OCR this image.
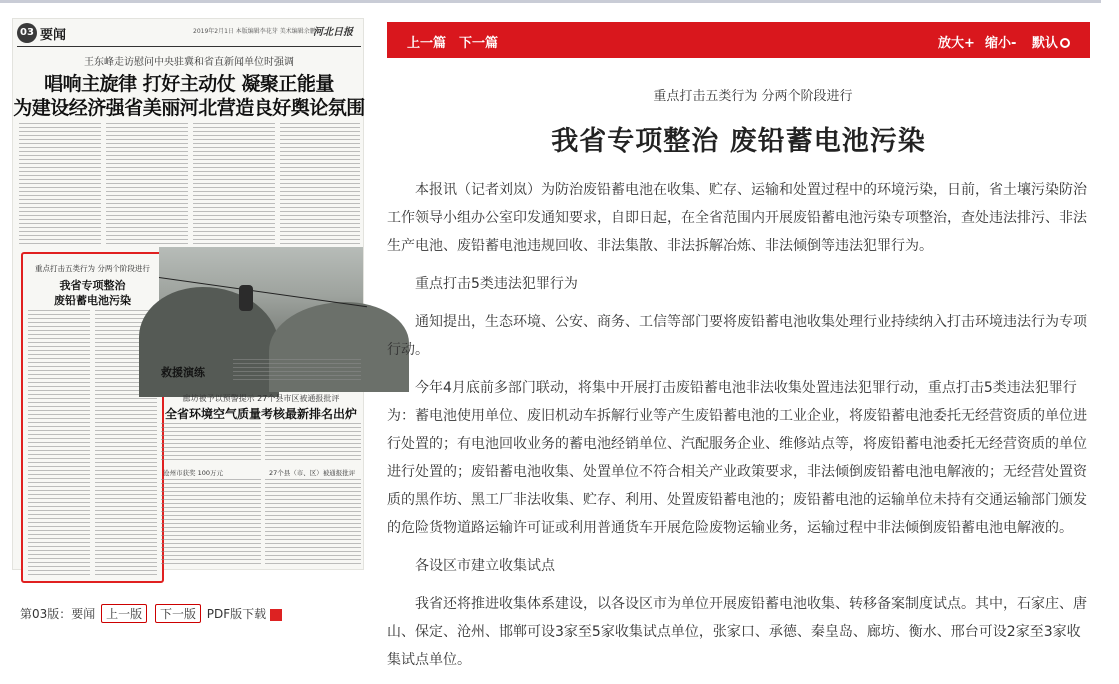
03 要闻	2019年2月1日 本版编辑李花芽 美术编辑余鹏
河北日报
王东峰走访慰问中央驻冀和省直新闻单位时强调
唱响主旋律 打好主动仗 凝聚正能量
为建设经济强省美丽河北营造良好舆论氛围
重点打击五类行为 分两个阶段进行
我省专项整治
废铅蓄电池污染
救援演练
廊坊被予以预警提示 27个县市区被通报批评
全省环境空气质量考核最新排名出炉
沧州市获奖 100万元	27个县（市、区）被通报批评
第03版：要闻 上一版 下一版 PDF版下载
上一篇 下一篇	放大+ 缩小- 默认
重点打击五类行为 分两个阶段进行
我省专项整治 废铅蓄电池污染

本报讯（记者刘岚）为防治废铅蓄电池在收集、贮存、运输和处置过程中的环境污染，日前，省土壤污染防治工作领导小组办公室印发通知要求，自即日起，在全省范围内开展废铅蓄电池污染专项整治，查处违法排污、非法生产电池、废铅蓄电池违规回收、非法集散、非法拆解冶炼、非法倾倒等违法犯罪行为。

重点打击5类违法犯罪行为

通知提出，生态环境、公安、商务、工信等部门要将废铅蓄电池收集处理行业持续纳入打击环境违法行为专项行动。

今年4月底前多部门联动，将集中开展打击废铅蓄电池非法收集处置违法犯罪行动，重点打击5类违法犯罪行为：蓄电池使用单位、废旧机动车拆解行业等产生废铅蓄电池的工业企业，将废铅蓄电池委托无经营资质的单位进行处置的；有电池回收业务的蓄电池经销单位、汽配服务企业、维修站点等，将废铅蓄电池委托无经营资质的单位进行处置的；废铅蓄电池收集、处置单位不符合相关产业政策要求，非法倾倒废铅蓄电池电解液的；无经营处置资质的黑作坊、黑工厂非法收集、贮存、利用、处置废铅蓄电池的；废铅蓄电池的运输单位未持有交通运输部门颁发的危险货物道路运输许可证或利用普通货车开展危险废物运输业务，运输过程中非法倾倒废铅蓄电池电解液的。

各设区市建立收集试点

我省还将推进收集体系建设，以各设区市为单位开展废铅蓄电池收集、转移备案制度试点。其中，石家庄、唐山、保定、沧州、邯郸可设3家至5家收集试点单位，张家口、承德、秦皇岛、廊坊、衡水、邢台可设2家至3家收集试点单位。
